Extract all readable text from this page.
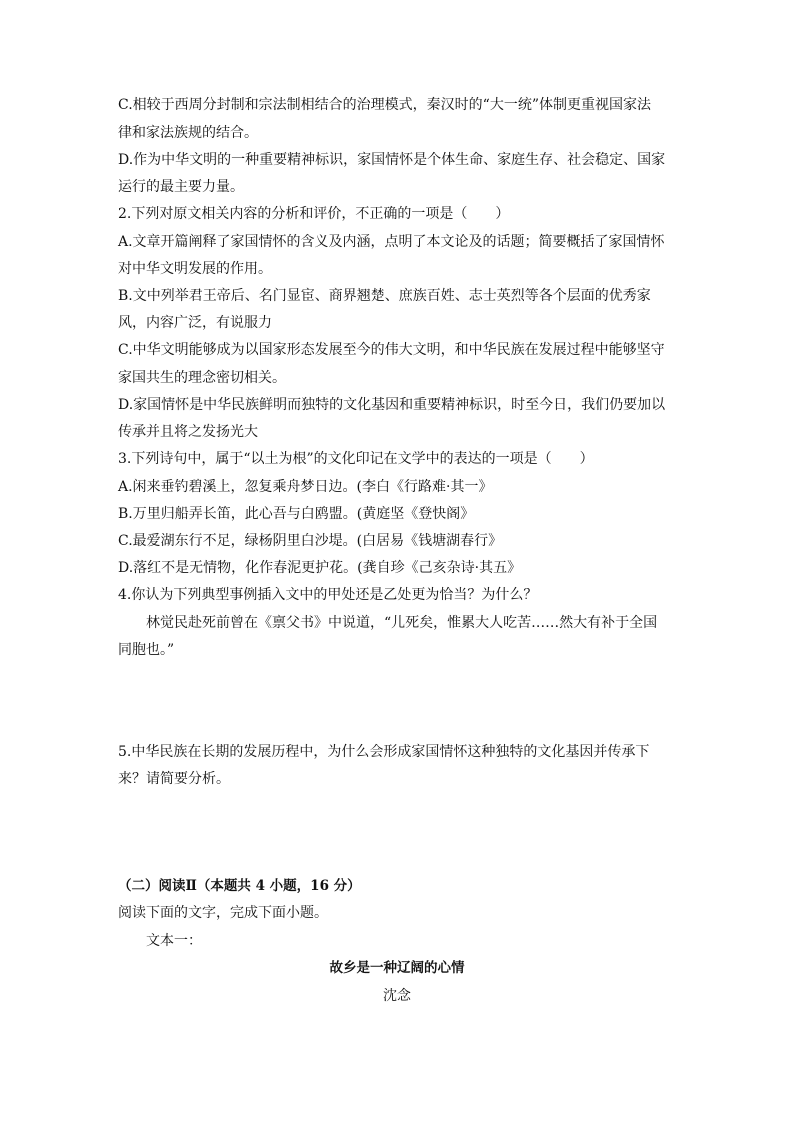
C.相较于西周分封制和宗法制相结合的治理模式，秦汉时的“大一统”体制更重视国家法
律和家法族规的结合。
D.作为中华文明的一种重要精神标识，家国情怀是个体生命、家庭生存、社会稳定、国家
运行的最主要力量。
2.下列对原文相关内容的分析和评价，不正确的一项是（　　）
A.文章开篇阐释了家国情怀的含义及内涵，点明了本文论及的话题；简要概括了家国情怀
对中华文明发展的作用。
B.文中列举君王帝后、名门显宦、商界翘楚、庶族百姓、志士英烈等各个层面的优秀家
风，内容广泛，有说服力
C.中华文明能够成为以国家形态发展至今的伟大文明，和中华民族在发展过程中能够坚守
家国共生的理念密切相关。
D.家国情怀是中华民族鲜明而独特的文化基因和重要精神标识，时至今日，我们仍要加以
传承并且将之发扬光大
3.下列诗句中，属于“以土为根”的文化印记在文学中的表达的一项是（　　）
A.闲来垂钓碧溪上，忽复乘舟梦日边。(李白《行路难·其一》
B.万里归船弄长笛，此心吾与白鸥盟。(黄庭坚《登快阁》
C.最爱湖东行不足，绿杨阴里白沙堤。(白居易《钱塘湖春行》
D.落红不是无情物，化作春泥更护花。(龚自珍《己亥杂诗·其五》
4.你认为下列典型事例插入文中的甲处还是乙处更为恰当？为什么？
林觉民赴死前曾在《禀父书》中说道，“儿死矣，惟累大人吃苦……然大有补于全国
同胞也。”
5.中华民族在长期的发展历程中，为什么会形成家国情怀这种独特的文化基因并传承下
来？请简要分析。
（二）阅读Ⅱ（本题共 4 小题，16 分）
阅读下面的文字，完成下面小题。
文本一：
故乡是一种辽阔的心情
沈念
